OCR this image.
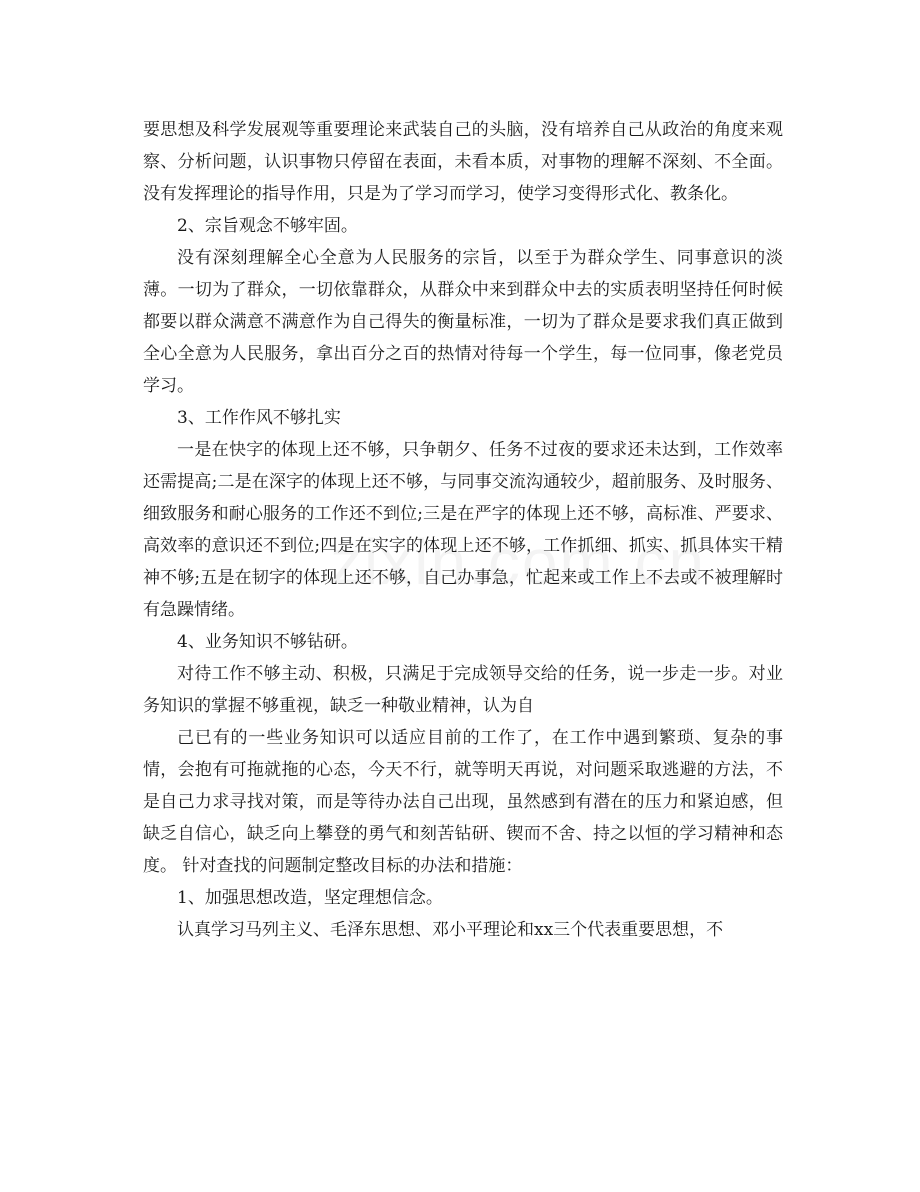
要思想及科学发展观等重要理论来武装自己的头脑，没有培养自己从政治的角度来观察、分析问题，认识事物只停留在表面，未看本质，对事物的理解不深刻、不全面。没有发挥理论的指导作用，只是为了学习而学习，使学习变得形式化、教条化。

2、宗旨观念不够牢固。

没有深刻理解全心全意为人民服务的宗旨，以至于为群众学生、同事意识的淡薄。一切为了群众，一切依靠群众，从群众中来到群众中去的实质表明坚持任何时候都要以群众满意不满意作为自己得失的衡量标准，一切为了群众是要求我们真正做到全心全意为人民服务，拿出百分之百的热情对待每一个学生，每一位同事，像老党员学习。

3、工作作风不够扎实

一是在快字的体现上还不够，只争朝夕、任务不过夜的要求还未达到，工作效率还需提高;二是在深字的体现上还不够，与同事交流沟通较少，超前服务、及时服务、细致服务和耐心服务的工作还不到位;三是在严字的体现上还不够，高标准、严要求、高效率的意识还不到位;四是在实字的体现上还不够，工作抓细、抓实、抓具体实干精神不够;五是在韧字的体现上还不够，自己办事急，忙起来或工作上不去或不被理解时有急躁情绪。

4、业务知识不够钻研。

对待工作不够主动、积极，只满足于完成领导交给的任务，说一步走一步。对业务知识的掌握不够重视，缺乏一种敬业精神，认为自

己已有的一些业务知识可以适应目前的工作了，在工作中遇到繁琐、复杂的事情，会抱有可拖就拖的心态，今天不行，就等明天再说，对问题采取逃避的方法，不是自己力求寻找对策，而是等待办法自己出现，虽然感到有潜在的压力和紧迫感，但缺乏自信心，缺乏向上攀登的勇气和刻苦钻研、锲而不舍、持之以恒的学习精神和态度。 针对查找的问题制定整改目标的办法和措施：

1、加强思想改造，坚定理想信念。

认真学习马列主义、毛泽东思想、邓小平理论和xx三个代表重要思想，不
